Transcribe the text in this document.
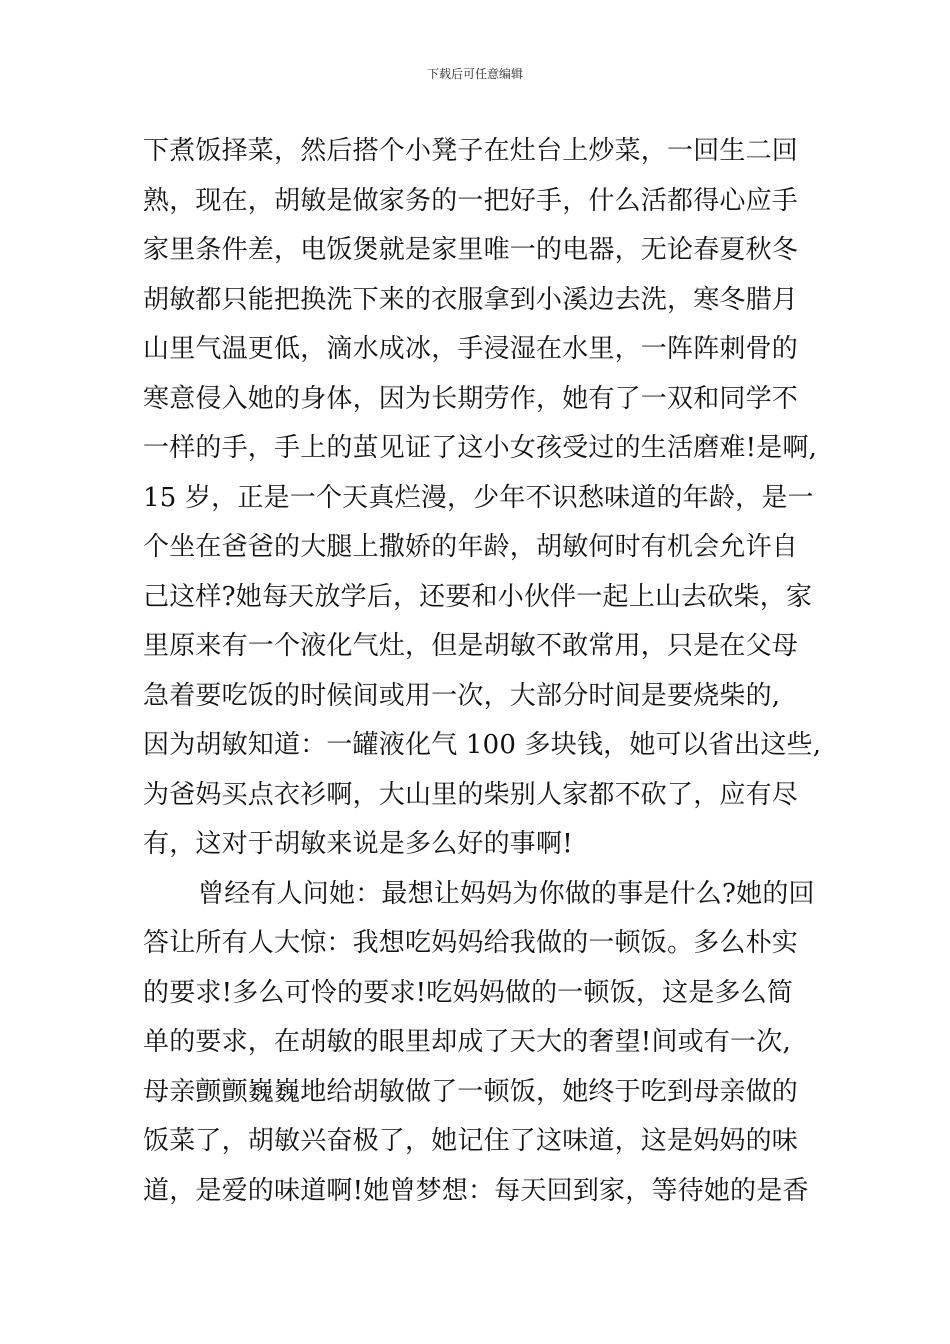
下载后可任意编辑
下煮饭择菜，然后搭个小凳子在灶台上炒菜，一回生二回
熟，现在，胡敏是做家务的一把好手，什么活都得心应手
家里条件差，电饭煲就是家里唯一的电器，无论春夏秋冬
胡敏都只能把换洗下来的衣服拿到小溪边去洗，寒冬腊月
山里气温更低，滴水成冰，手浸湿在水里，一阵阵刺骨的
寒意侵入她的身体，因为长期劳作，她有了一双和同学不
一样的手，手上的茧见证了这小女孩受过的生活磨难!是啊,
15 岁，正是一个天真烂漫，少年不识愁味道的年龄，是一
个坐在爸爸的大腿上撒娇的年龄，胡敏何时有机会允许自
己这样?她每天放学后，还要和小伙伴一起上山去砍柴，家
里原来有一个液化气灶，但是胡敏不敢常用，只是在父母
急着要吃饭的时候间或用一次，大部分时间是要烧柴的,
因为胡敏知道：一罐液化气 100 多块钱，她可以省出这些,
为爸妈买点衣衫啊，大山里的柴别人家都不砍了，应有尽
有，这对于胡敏来说是多么好的事啊!
曾经有人问她：最想让妈妈为你做的事是什么?她的回
答让所有人大惊：我想吃妈妈给我做的一顿饭。多么朴实
的要求!多么可怜的要求!吃妈妈做的一顿饭，这是多么简
单的要求，在胡敏的眼里却成了天大的奢望!间或有一次,
母亲颤颤巍巍地给胡敏做了一顿饭，她终于吃到母亲做的
饭菜了，胡敏兴奋极了，她记住了这味道，这是妈妈的味
道，是爱的味道啊!她曾梦想：每天回到家，等待她的是香
